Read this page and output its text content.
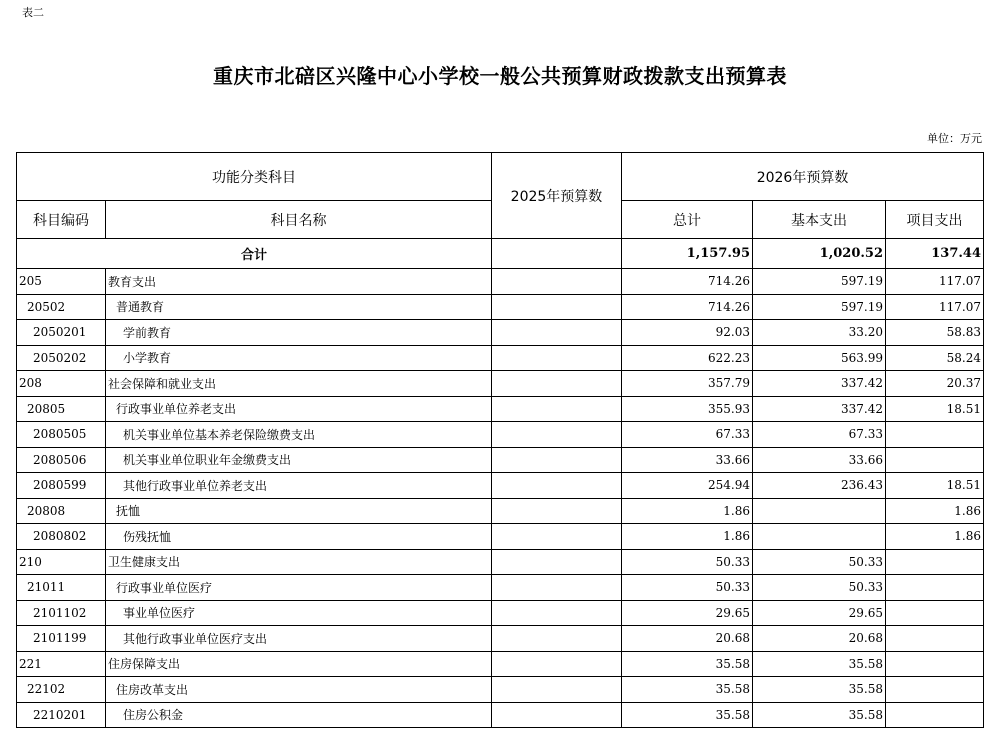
表二
重庆市北碚区兴隆中心小学校一般公共预算财政拨款支出预算表
单位：万元
功能分类科目		2025年预算数	2026年预算数		
科目编码	科目名称		总计	基本支出	项目支出
合计			1,157.95	1,020.52	137.44
205	教育支出		714.26	597.19	117.07
20502	普通教育		714.26	597.19	117.07
2050201	学前教育		92.03	33.20	58.83
2050202	小学教育		622.23	563.99	58.24
208	社会保障和就业支出		357.79	337.42	20.37
20805	行政事业单位养老支出		355.93	337.42	18.51
2080505	机关事业单位基本养老保险缴费支出		67.33	67.33	
2080506	机关事业单位职业年金缴费支出		33.66	33.66	
2080599	其他行政事业单位养老支出		254.94	236.43	18.51
20808	抚恤		1.86		1.86
2080802	伤残抚恤		1.86		1.86
210	卫生健康支出		50.33	50.33	
21011	行政事业单位医疗		50.33	50.33	
2101102	事业单位医疗		29.65	29.65	
2101199	其他行政事业单位医疗支出		20.68	20.68	
221	住房保障支出		35.58	35.58	
22102	住房改革支出		35.58	35.58	
2210201	住房公积金		35.58	35.58	
